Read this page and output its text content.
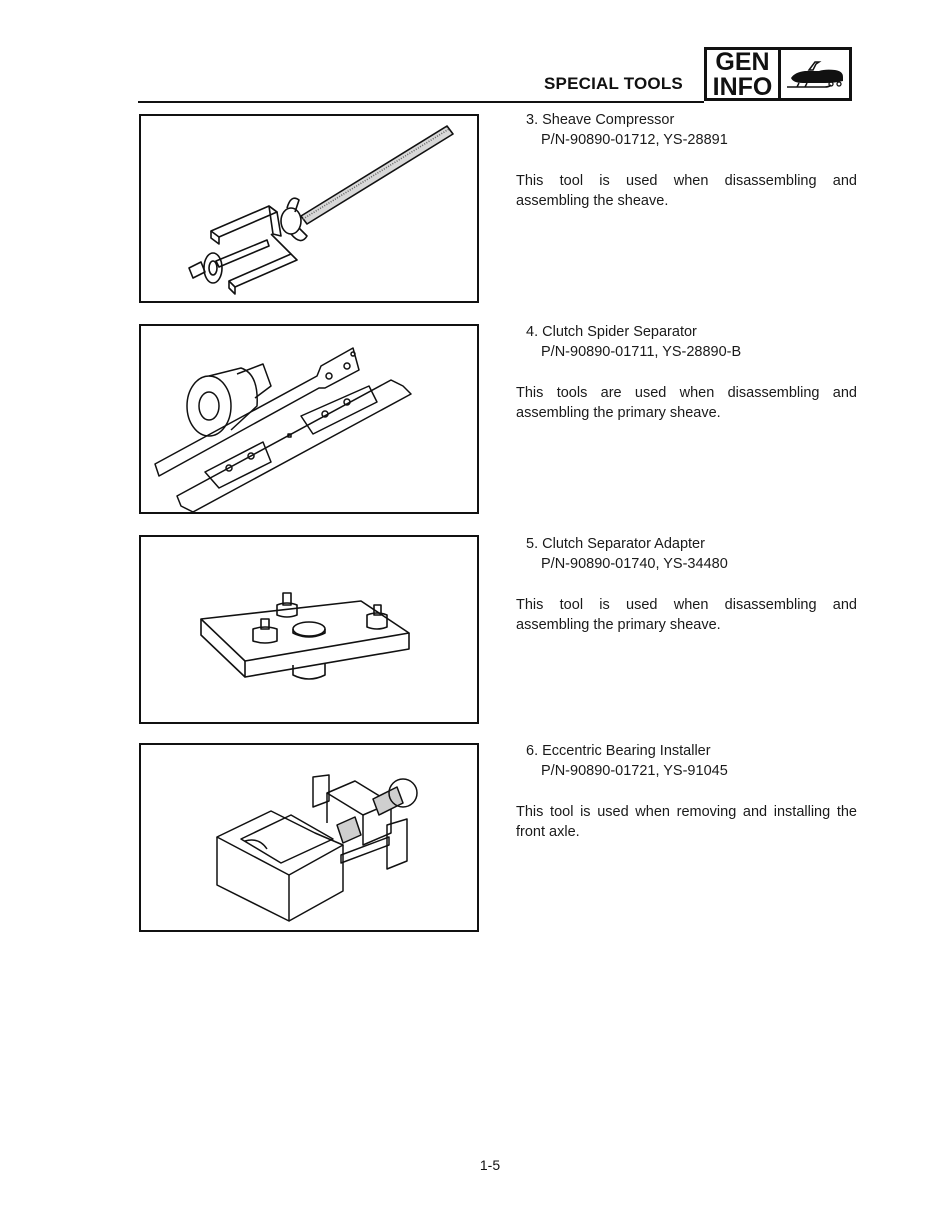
SPECIAL TOOLS
GEN
INFO
3. Sheave Compressor
P/N-90890-01712, YS-28891
This tool is used when disassembling and assembling the sheave.
4. Clutch Spider Separator
P/N-90890-01711, YS-28890-B
This tools are used when disassembling and assembling the primary sheave.
5. Clutch Separator Adapter
P/N-90890-01740, YS-34480
This tool is used when disassembling and assembling the primary sheave.
6. Eccentric Bearing Installer
P/N-90890-01721, YS-91045
This tool is used when removing and installing the front axle.
1-5
